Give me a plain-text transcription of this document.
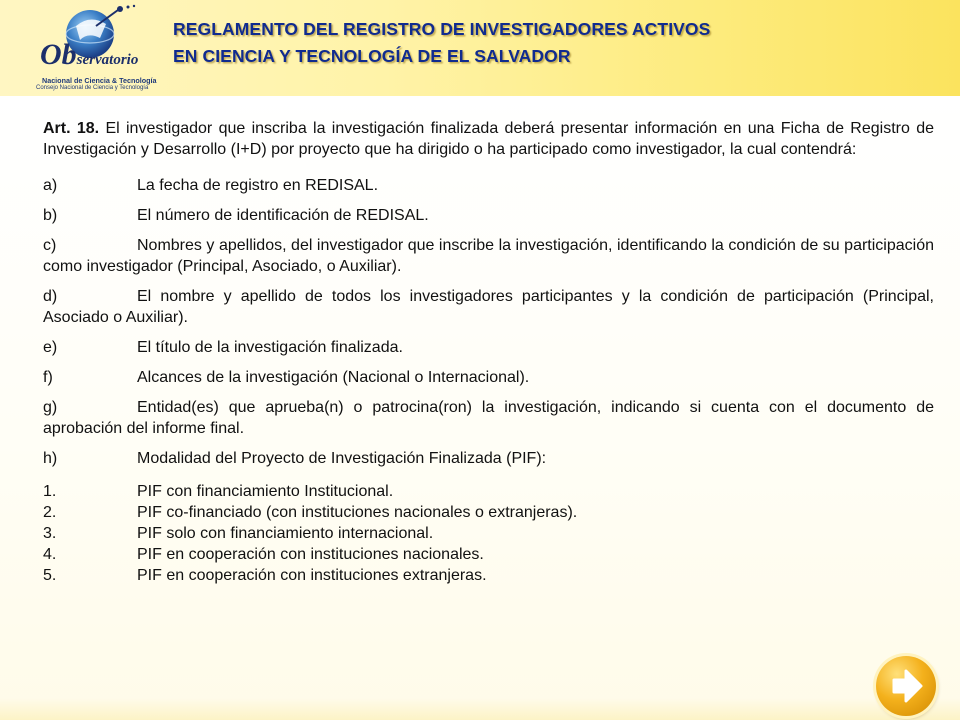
Observatorio
Nacional de Ciencia & Tecnología
Consejo Nacional de Ciencia y Tecnología
REGLAMENTO DEL REGISTRO DE INVESTIGADORES ACTIVOS
EN CIENCIA Y TECNOLOGÍA DE EL SALVADOR

Art. 18. El investigador que inscriba la investigación finalizada deberá presentar información en una Ficha de Registro de Investigación y Desarrollo (I+D) por proyecto que ha dirigido o ha participado como investigador, la cual contendrá:

a)	La fecha de registro en REDISAL.

b)	El número de identificación de REDISAL.

c)	Nombres y apellidos, del investigador que inscribe la investigación, identificando la condición de su participación como investigador (Principal, Asociado, o Auxiliar).

d)	El nombre y apellido de todos los investigadores participantes y la condición de participación (Principal, Asociado o Auxiliar).

e)	El título de la investigación finalizada.

f)	Alcances de la investigación (Nacional o Internacional).

g)	Entidad(es) que aprueba(n) o patrocina(ron) la investigación, indicando si cuenta con el documento de aprobación del informe final.

h)	Modalidad del Proyecto de Investigación Finalizada (PIF):

1.	PIF con financiamiento Institucional.

2.	PIF co-financiado (con instituciones nacionales o extranjeras).

3.	PIF solo con financiamiento internacional.

4.	PIF en cooperación con instituciones nacionales.

5.	PIF en cooperación con instituciones extranjeras.
